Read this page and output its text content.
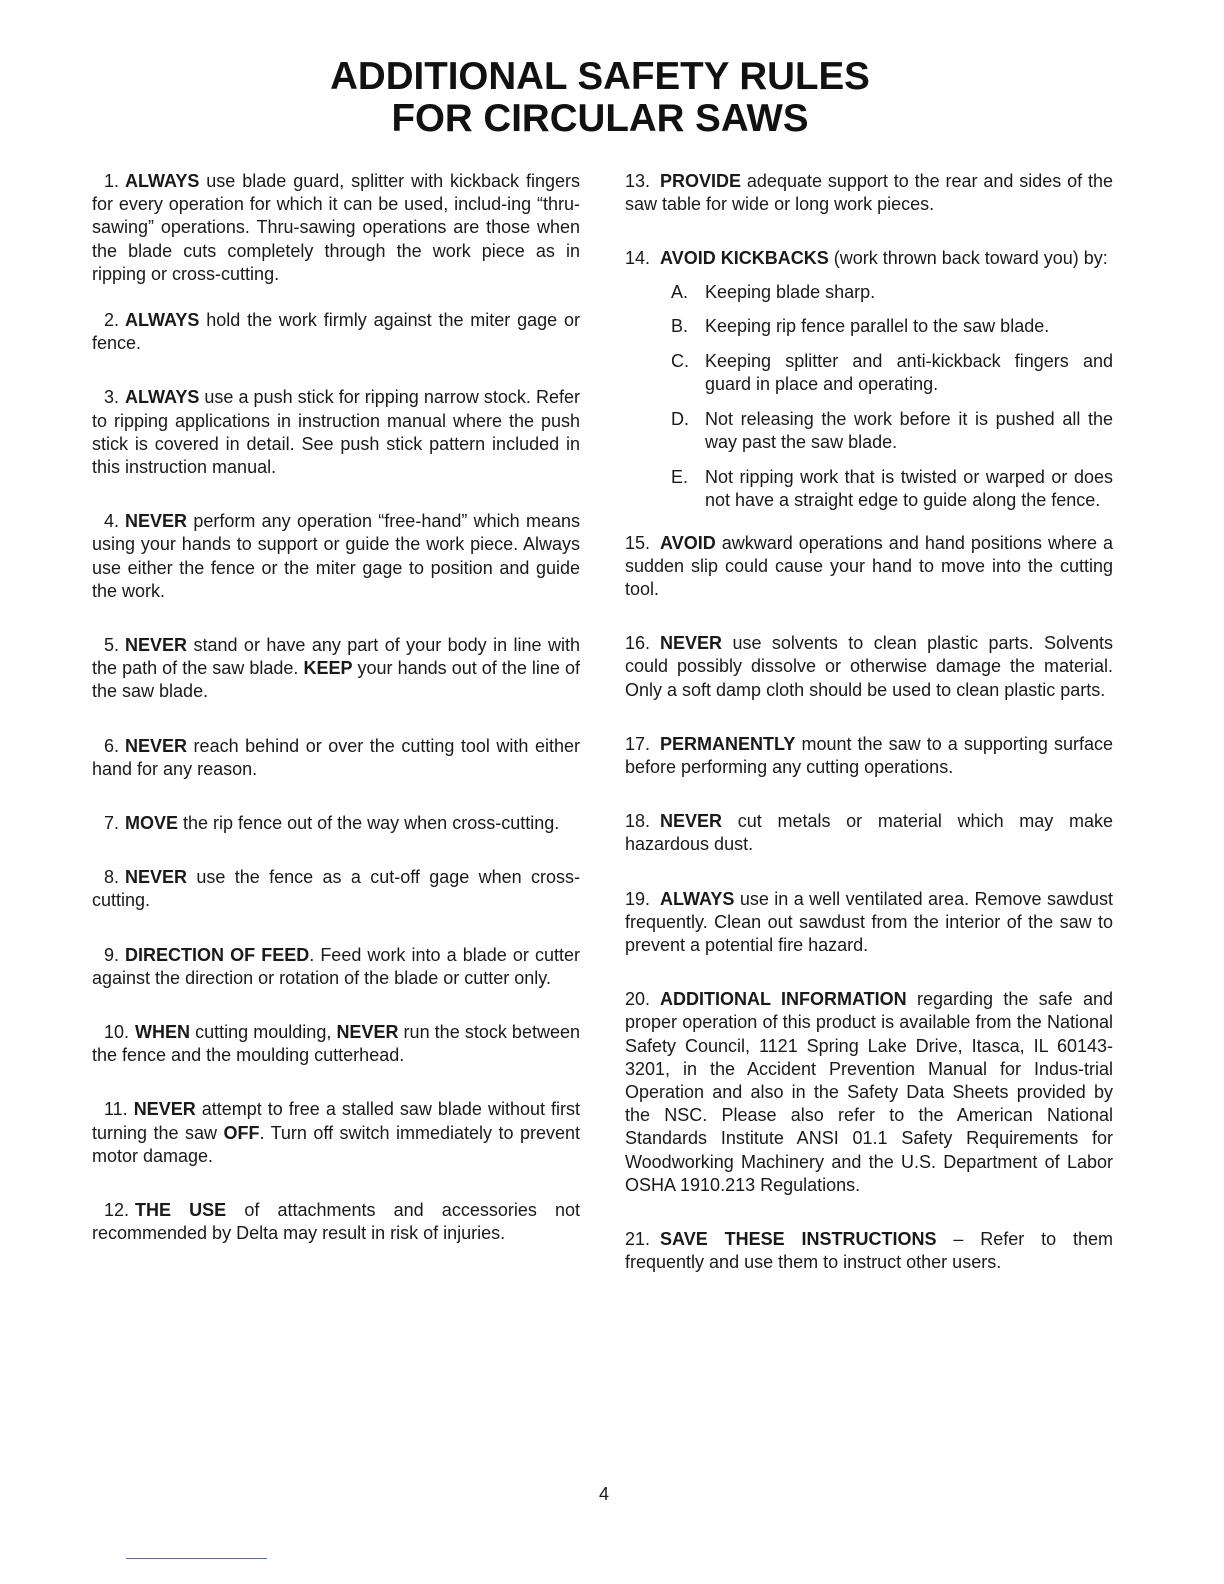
ADDITIONAL SAFETY RULES
FOR CIRCULAR SAWS

1. ALWAYS use blade guard, splitter with kickback fingers for every operation for which it can be used, includ-ing “thru-sawing” operations. Thru-sawing operations are those when the blade cuts completely through the work piece as in ripping or cross-cutting.

2. ALWAYS hold the work firmly against the miter gage or fence.

3. ALWAYS use a push stick for ripping narrow stock. Refer to ripping applications in instruction manual where the push stick is covered in detail. See push stick pattern included in this instruction manual.

4. NEVER perform any operation “free-hand” which means using your hands to support or guide the work piece. Always use either the fence or the miter gage to position and guide the work.

5. NEVER stand or have any part of your body in line with the path of the saw blade. KEEP your hands out of the line of the saw blade.

6. NEVER reach behind or over the cutting tool with either hand for any reason.

7. MOVE the rip fence out of the way when cross-cutting.

8. NEVER use the fence as a cut-off gage when cross-cutting.

9. DIRECTION OF FEED. Feed work into a blade or cutter against the direction or rotation of the blade or cutter only.

10. WHEN cutting moulding, NEVER run the stock between the fence and the moulding cutterhead.

11. NEVER attempt to free a stalled saw blade without first turning the saw OFF. Turn off switch immediately to prevent motor damage.

12. THE USE of attachments and accessories not recommended by Delta may result in risk of injuries.

13. PROVIDE adequate support to the rear and sides of the saw table for wide or long work pieces.

14. AVOID KICKBACKS (work thrown back toward you) by:

A. Keeping blade sharp.
B. Keeping rip fence parallel to the saw blade.
C. Keeping splitter and anti-kickback fingers and guard in place and operating.
D. Not releasing the work before it is pushed all the way past the saw blade.
E. Not ripping work that is twisted or warped or does not have a straight edge to guide along the fence.

15. AVOID awkward operations and hand positions where a sudden slip could cause your hand to move into the cutting tool.

16. NEVER use solvents to clean plastic parts. Solvents could possibly dissolve or otherwise damage the material. Only a soft damp cloth should be used to clean plastic parts.

17. PERMANENTLY mount the saw to a supporting surface before performing any cutting operations.

18. NEVER cut metals or material which may make hazardous dust.

19. ALWAYS use in a well ventilated area. Remove sawdust frequently. Clean out sawdust from the interior of the saw to prevent a potential fire hazard.

20. ADDITIONAL INFORMATION regarding the safe and proper operation of this product is available from the National Safety Council, 1121 Spring Lake Drive, Itasca, IL 60143-3201, in the Accident Prevention Manual for Indus-trial Operation and also in the Safety Data Sheets provided by the NSC. Please also refer to the American National Standards Institute ANSI 01.1 Safety Requirements for Woodworking Machinery and the U.S. Department of Labor OSHA 1910.213 Regulations.

21. SAVE THESE INSTRUCTIONS – Refer to them frequently and use them to instruct other users.

4
